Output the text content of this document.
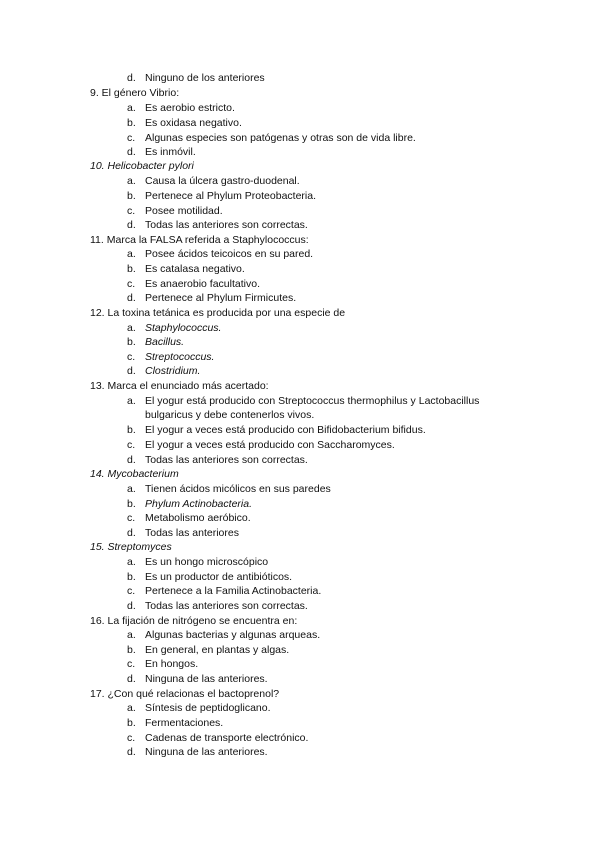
d. Ninguno de los anteriores
9. El género Vibrio:
a. Es aerobio estricto.
b. Es oxidasa negativo.
c. Algunas especies son patógenas y otras son de vida libre.
d. Es inmóvil.
10. Helicobacter pylori
a. Causa la úlcera gastro-duodenal.
b. Pertenece al Phylum Proteobacteria.
c. Posee motilidad.
d. Todas las anteriores son correctas.
11. Marca la FALSA referida a Staphylococcus:
a. Posee ácidos teicoicos en su pared.
b. Es catalasa negativo.
c. Es anaerobio facultativo.
d. Pertenece al Phylum Firmicutes.
12. La toxina tetánica es producida por una especie de
a. Staphylococcus.
b. Bacillus.
c. Streptococcus.
d. Clostridium.
13. Marca el enunciado más acertado:
a. El yogur está producido con Streptococcus thermophilus y Lactobacillus
bulgaricus y debe contenerlos vivos.
b. El yogur a veces está producido con Bifidobacterium bifidus.
c. El yogur a veces está producido con Saccharomyces.
d. Todas las anteriores son correctas.
14. Mycobacterium
a. Tienen ácidos micólicos en sus paredes
b. Phylum Actinobacteria.
c. Metabolismo aeróbico.
d. Todas las anteriores
15. Streptomyces
a. Es un hongo microscópico
b. Es un productor de antibióticos.
c. Pertenece a la Familia Actinobacteria.
d. Todas las anteriores son correctas.
16. La fijación de nitrógeno se encuentra en:
a. Algunas bacterias y algunas arqueas.
b. En general, en plantas y algas.
c. En hongos.
d. Ninguna de las anteriores.
17. ¿Con qué relacionas el bactoprenol?
a. Síntesis de peptidoglicano.
b. Fermentaciones.
c. Cadenas de transporte electrónico.
d. Ninguna de las anteriores.
